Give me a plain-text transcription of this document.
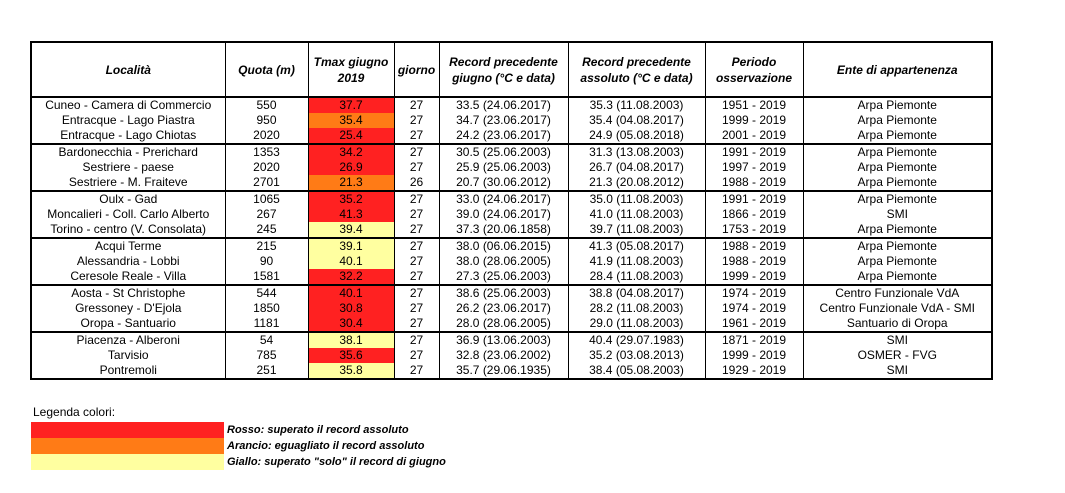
Località	Quota (m)	Tmax giugno 2019	giorno	Record precedente giugno (°C e data)	Record precedente assoluto (°C e data)	Periodo osservazione	Ente di appartenenza
Cuneo - Camera di Commercio	550	37.7	27	33.5 (24.06.2017)	35.3 (11.08.2003)	1951 - 2019	Arpa Piemonte
Entracque - Lago Piastra	950	35.4	27	34.7 (23.06.2017)	35.4 (04.08.2017)	1999 - 2019	Arpa Piemonte
Entracque - Lago Chiotas	2020	25.4	27	24.2 (23.06.2017)	24.9 (05.08.2018)	2001 - 2019	Arpa Piemonte
Bardonecchia - Prerichard	1353	34.2	27	30.5 (25.06.2003)	31.3 (13.08.2003)	1991 - 2019	Arpa Piemonte
Sestriere - paese	2020	26.9	27	25.9 (25.06.2003)	26.7 (04.08.2017)	1997 - 2019	Arpa Piemonte
Sestriere - M. Fraiteve	2701	21.3	26	20.7 (30.06.2012)	21.3 (20.08.2012)	1988 - 2019	Arpa Piemonte
Oulx - Gad	1065	35.2	27	33.0 (24.06.2017)	35.0 (11.08.2003)	1991 - 2019	Arpa Piemonte
Moncalieri - Coll. Carlo Alberto	267	41.3	27	39.0 (24.06.2017)	41.0 (11.08.2003)	1866 - 2019	SMI
Torino - centro (V. Consolata)	245	39.4	27	37.3 (20.06.1858)	39.7 (11.08.2003)	1753 - 2019	Arpa Piemonte
Acqui Terme	215	39.1	27	38.0 (06.06.2015)	41.3 (05.08.2017)	1988 - 2019	Arpa Piemonte
Alessandria - Lobbi	90	40.1	27	38.0 (28.06.2005)	41.9 (11.08.2003)	1988 - 2019	Arpa Piemonte
Ceresole Reale - Villa	1581	32.2	27	27.3 (25.06.2003)	28.4 (11.08.2003)	1999 - 2019	Arpa Piemonte
Aosta - St Christophe	544	40.1	27	38.6 (25.06.2003)	38.8 (04.08.2017)	1974 - 2019	Centro Funzionale VdA
Gressoney - D'Ejola	1850	30.8	27	26.2 (23.06.2017)	28.2 (11.08.2003)	1974 - 2019	Centro Funzionale VdA - SMI
Oropa - Santuario	1181	30.4	27	28.0 (28.06.2005)	29.0 (11.08.2003)	1961 - 2019	Santuario di Oropa
Piacenza - Alberoni	54	38.1	27	36.9 (13.06.2003)	40.4 (29.07.1983)	1871 - 2019	SMI
Tarvisio	785	35.6	27	32.8 (23.06.2002)	35.2 (03.08.2013)	1999 - 2019	OSMER - FVG
Pontremoli	251	35.8	27	35.7 (29.06.1935)	38.4 (05.08.2003)	1929 - 2019	SMI
Legenda colori:
Rosso: superato il record assoluto
Arancio: eguagliato il record assoluto
Giallo: superato "solo" il record di giugno
